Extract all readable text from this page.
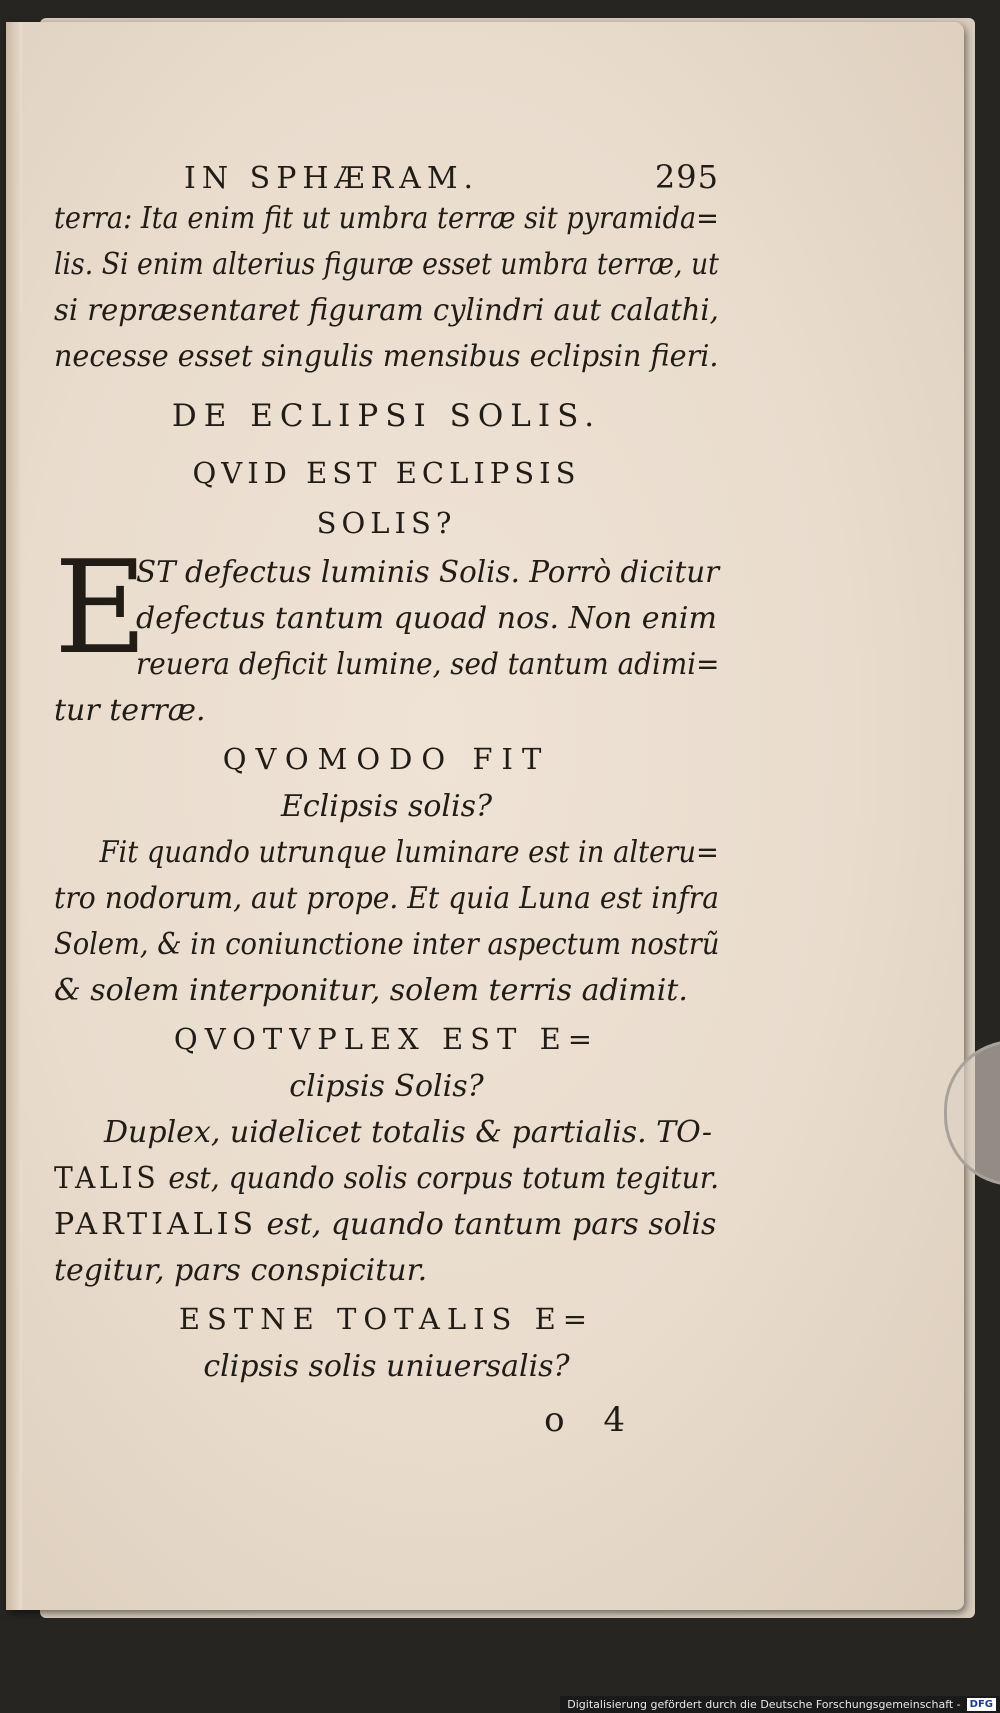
IN SPHÆRAM.	295
terra: Ita enim fit ut umbra terræ sit pyramida=
lis. Si enim alterius figuræ esset umbra terræ, ut
si repræsentaret figuram cylindri aut calathi,
necesse esset singulis mensibus eclipsin fieri.
DE ECLIPSI SOLIS.
QVID EST ECLIPSIS
SOLIS?
E
ST defectus luminis Solis. Porrò dicitur
defectus tantum quoad nos. Non enim
reuera deficit lumine, sed tantum adimi=
tur terræ.
QVOMODO FIT
Eclipsis solis?
Fit quando utrunque luminare est in alteru=
tro nodorum, aut prope. Et quia Luna est infra
Solem, & in coniunctione inter aspectum nostrũ
& solem interponitur, solem terris adimit.
QVOTVPLEX EST E=
clipsis Solis?
Duplex, uidelicet totalis & partialis. TO-
TALIS est, quando solis corpus totum tegitur.
PARTIALIS est, quando tantum pars solis
tegitur, pars conspicitur.
ESTNE TOTALIS E=
clipsis solis uniuersalis?
o 4
Digitalisierung gefördert durch die Deutsche Forschungsgemeinschaft - DFG
